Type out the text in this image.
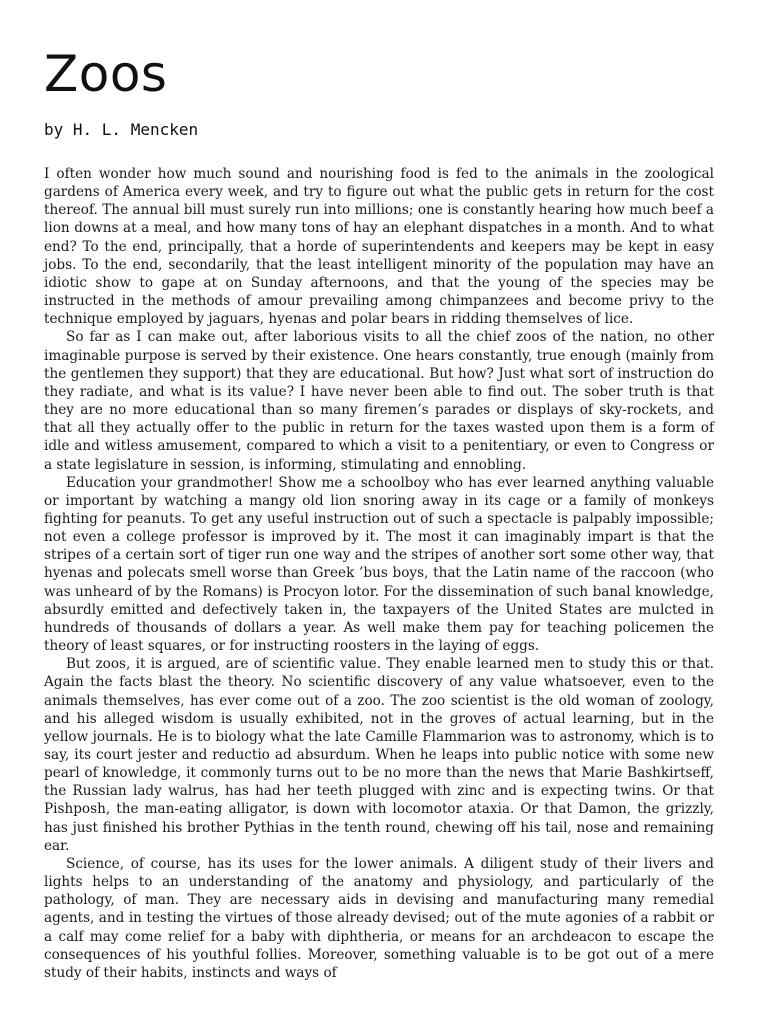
Zoos
by H. L. Mencken

I often wonder how much sound and nourishing food is fed to the animals in the zoological gardens of America every week, and try to figure out what the public gets in return for the cost thereof. The annual bill must surely run into millions; one is constantly hearing how much beef a lion downs at a meal, and how many tons of hay an elephant dispatches in a month. And to what end? To the end, principally, that a horde of superintendents and keepers may be kept in easy jobs. To the end, secondarily, that the least intelligent minority of the population may have an idiotic show to gape at on Sunday afternoons, and that the young of the species may be instructed in the methods of amour prevailing among chimpanzees and become privy to the technique employed by jaguars, hyenas and polar bears in ridding themselves of lice.

So far as I can make out, after laborious visits to all the chief zoos of the nation, no other imaginable purpose is served by their existence. One hears constantly, true enough (mainly from the gentlemen they support) that they are educational. But how? Just what sort of instruction do they radiate, and what is its value? I have never been able to find out. The sober truth is that they are no more educational than so many firemen’s parades or displays of sky-rockets, and that all they actually offer to the public in return for the taxes wasted upon them is a form of idle and witless amusement, compared to which a visit to a penitentiary, or even to Congress or a state legislature in session, is informing, stimulating and ennobling.

Education your grandmother! Show me a schoolboy who has ever learned anything valuable or important by watching a mangy old lion snoring away in its cage or a family of monkeys fighting for peanuts. To get any useful instruction out of such a spectacle is palpably impossible; not even a college professor is improved by it. The most it can imaginably impart is that the stripes of a certain sort of tiger run one way and the stripes of another sort some other way, that hyenas and polecats smell worse than Greek ’bus boys, that the Latin name of the raccoon (who was unheard of by the Romans) is Procyon lotor. For the dissemination of such banal knowledge, absurdly emitted and defectively taken in, the taxpayers of the United States are mulcted in hundreds of thousands of dollars a year. As well make them pay for teaching policemen the theory of least squares, or for instructing roosters in the laying of eggs.

But zoos, it is argued, are of scientific value. They enable learned men to study this or that. Again the facts blast the theory. No scientific discovery of any value whatsoever, even to the animals themselves, has ever come out of a zoo. The zoo scientist is the old woman of zoology, and his alleged wisdom is usually exhibited, not in the groves of actual learning, but in the yellow journals. He is to biology what the late Camille Flammarion was to astronomy, which is to say, its court jester and reductio ad absurdum. When he leaps into public notice with some new pearl of knowledge, it commonly turns out to be no more than the news that Marie Bashkirtseff, the Russian lady walrus, has had her teeth plugged with zinc and is expecting twins. Or that Pishposh, the man-eating alligator, is down with locomotor ataxia. Or that Damon, the grizzly, has just finished his brother Pythias in the tenth round, chewing off his tail, nose and remaining ear.

Science, of course, has its uses for the lower animals. A diligent study of their livers and lights helps to an understanding of the anatomy and physiology, and particularly of the pathology, of man. They are necessary aids in devising and manufacturing many remedial agents, and in testing the virtues of those already devised; out of the mute agonies of a rabbit or a calf may come relief for a baby with diphtheria, or means for an archdeacon to escape the consequences of his youthful follies. Moreover, something valuable is to be got out of a mere study of their habits, instincts and ways of
